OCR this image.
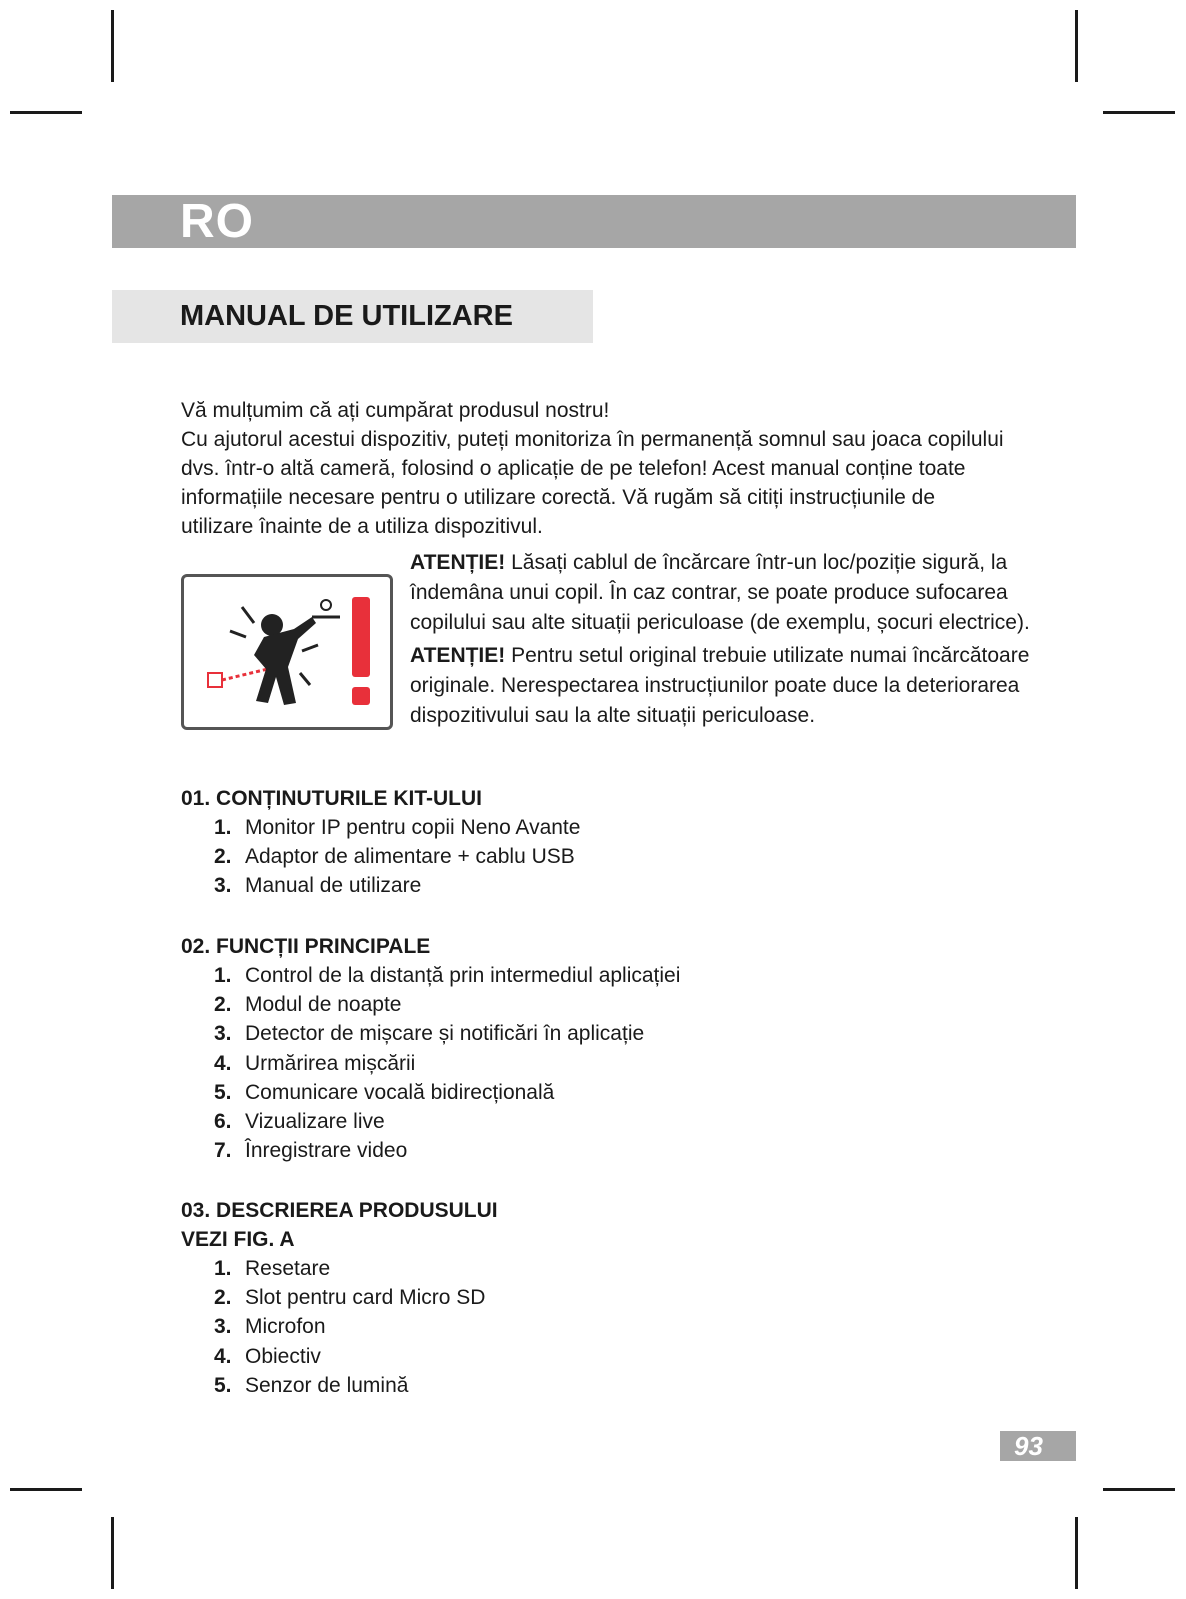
RO
MANUAL DE UTILIZARE

Vă mulțumim că ați cumpărat produsul nostru!

Cu ajutorul acestui dispozitiv, puteți monitoriza în permanență somnul sau joaca copilului dvs. într-o altă cameră, folosind o aplicație de pe telefon! Acest manual conține toate informațiile necesare pentru o utilizare corectă. Vă rugăm să citiți instrucțiunile de utilizare înainte de a utiliza dispozitivul.

ATENȚIE! Lăsați cablul de încărcare într-un loc/poziție sigură, la îndemâna unui copil. În caz contrar, se poate produce sufocarea copilului sau alte situații periculoase (de exemplu, șocuri electrice).

ATENȚIE! Pentru setul original trebuie utilizate numai încărcătoare originale. Nerespectarea instrucțiunilor poate duce la deteriorarea dispozitivului sau la alte situații periculoase.

01. CONȚINUTURILE KIT-ULUI
1. Monitor IP pentru copii Neno Avante
2. Adaptor de alimentare + cablu USB
3. Manual de utilizare
02. FUNCȚII PRINCIPALE
1. Control de la distanță prin intermediul aplicației
2. Modul de noapte
3. Detector de mișcare și notificări în aplicație
4. Urmărirea mișcării
5. Comunicare vocală bidirecțională
6. Vizualizare live
7. Înregistrare video
03. DESCRIEREA PRODUSULUI
VEZI FIG. A
1. Resetare
2. Slot pentru card Micro SD
3. Microfon
4. Obiectiv
5. Senzor de lumină
93
